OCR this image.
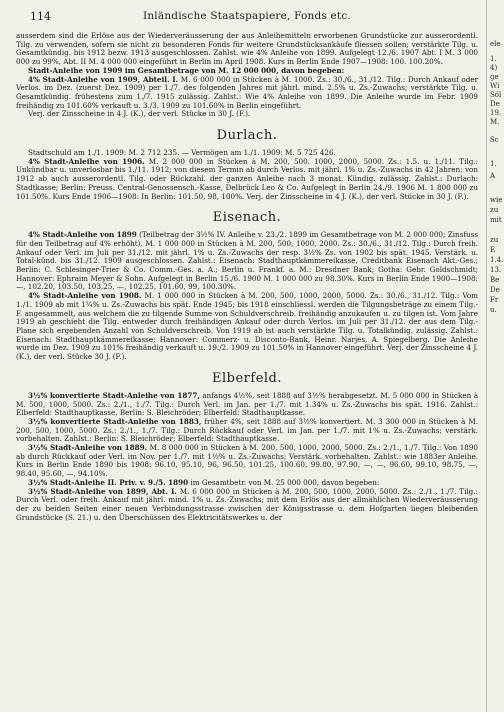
114	Inländische Staatspapiere, Fonds etc.

ausserdem sind die Erlöse aus der Wiederveräusserung der aus Anleihemitteln erworbenen Grundstücke zur ausserordentl. Tilg. zu verwenden, sofern sie nicht zu besonderen Fonds für weitere Grundstücksankäufe fliessen sollen; verstärkte Tilg. u. Gesamtkündig. bis 1912 bezw. 1913 ausgeschlossen. Zahlst. wie 4% Anleihe von 1899. Aufgelegt 12./6. 1907 Abt. I M. 3 000 000 zu 99%, Abt. II M. 4 000 000 eingeführt in Berlin im April 1908. Kurs in Berlin Ende 1907—1908: 100. 100.20%.

Stadt-Anleihe von 1909 im Gesamtbetrage von M. 12 000 000, davon begeben:

4% Stadt-Anleihe von 1909, Abteil. I. M. 6 000 000 in Stücken à M. 1000. Zs.: 30./6., 31./12. Tilg.: Durch Ankauf oder Verlos. im Dez. (zuerst Dez. 1909) per 1./7. des folgenden Jahres mit jährl. mind. 2.5% u. Zs.-Zuwachs; verstärkte Tilg. u. Gesamtkündig. frühestens zum 1./7. 1915 zulässig. Zahlst.: Wie 4% Anleihe von 1899. Die Anleihe wurde im Febr. 1909 freihändig zu 101.60% verkauft u. 3./3. 1909 zu 101.60% in Berlin eingeführt.

Verj. der Zinsscheine in 4 J. (K.), der verl. Stücke in 30 J. (F.).

Durlach.

Stadtschuld am 1./1. 1909: M. 2 712 235. — Vermögen am 1./1. 1909: M. 5 725 426.

4% Stadt-Anleihe von 1906. M. 2 000 000 in Stücken à M. 200, 500. 1000, 2000, 5000. Zs.: 1.5. u. 1./11. Tilg.: Unkündbar u. unverlosbar bis 1./11. 1912; von diesem Termin ab durch Verlos. mit jährl. 1% u. Zs.-Zuwachs in 42 Jahren; von 1912 ab auch ausserordentl. Tilg. oder Rückzahl. der ganzen Anleihe nach 3 monat. Kündig. zulässig. Zahlst.: Durlach: Stadtkasse; Berlin: Preuss. Central-Genossensch.-Kasse, Delbrück Leo & Co. Aufgelegt in Berlin 24./9. 1906 M. 1 800 000 zu 101.50%. Kurs Ende 1906—1908: In Berlin: 101.50, 98, 100%. Verj. der Zinsscheine in 4 J. (K.), der verl. Stücke in 30 J. (F.).

Eisenach.

4% Stadt-Anleihe von 1899 (Teilbetrag der 3½% IV. Anleihe v. 23./2. 1899 im Gesamtbetrage von M. 2 000 000; Zinsfuss für den Teilbetrag auf 4% erhöht). M. 1 000 000 in Stücken à M. 200, 500, 1000, 2000. Zs.: 30./6., 31./12. Tilg.: Durch freih. Ankauf oder Verl. im Juli per 31./12. mit jährl. 1% u. Zs.-Zuwachs der resp. 3½% Zs. von 1902 bis spät. 1945. Verstärk. u. Total-künd. bis 31./12. 1909 ausgeschlossen. Zahlst.: Eisenach: Stadthauptkämmereikasse, Creditbank Eisenach Akt.-Ges.; Berlin: C. Schlesinger-Trier & Co. Comm.-Ges. a. A.; Berlin u. Frankf. a. M.: Dresdner Bank; Gotha: Gebr. Goldschmidt; Hannover: Ephraim Meyer & Sohn. Aufgelegt in Berlin 15./6. 1900 M. 1 000 000 zu 98.30%. Kurs in Berlin Ende 1900—1908: —, 102.20, 103.50, 103.25, —, 102.25, 101.60, 99, 100.30%.

4% Stadt-Anleihe von 1908. M. 1 000 000 in Stücken à M. 200, 500, 1000, 2000, 5000. Zs.: 30./6., 31./12. Tilg.: Vom 1./1. 1909 ab mit 1¼% u. Zs.-Zuwachs bis spät. Ende 1945; bis 1918 einschliessl. werden die Tilgungsbeträge zu einem Tilg.-F. angesammelt, aus welchem die zu tilgende Summe von Schuldverschreib. freihändig anzukaufen u. zu tilgen ist. Vom Jahre 1919 ab geschieht die Tilg. entweder durch freihändigen Ankauf oder durch Verlos. im Juli per 31./12. der aus dem Tilg.-Plane sich ergebenden Anzahl von Schuldverschreib. Von 1919 ab ist auch verstärkte Tilg. u. Totalkündig. zulässig. Zahlst.: Eisenach: Stadthauptkämmereikasse; Hannover: Commerz- u. Disconto-Bank, Heinr. Narjes, A. Spiegelberg. Die Anleihe wurde im Dez. 1909 zu 101% freihändig verkauft u. 19./2. 1909 zu 101.50% in Hannover eingeführt. Verj. der Zinsscheine 4 J. (K.), der verl. Stücke 30 J. (F.).

Elberfeld.

3½% konvertierte Stadt-Anleihe von 1877, anfangs 4½%, seit 1888 auf 3½% herabgesetzt. M. 5 000 000 in Stücken à M. 500, 1000, 5000. Zs.: 2./1., 1./7. Tilg.: Durch Verl. im Jan. per 1./7. mit 1.34% u. Zs.-Zuwachs bis spät. 1916. Zahlst.: Elberfeld: Stadthauptkasse, Berlin: S. Bleichröder; Elberfeld: Stadthauptkasse.

3½% konvertierte Stadt-Anleihe von 1883, früher 4%, seit 1888 auf 3½% konvertiert. M. 3 300 000 in Stücken à M. 200, 500, 1000, 5000. Zs.: 2./1., 1./7. Tilg.: Durch Rückkauf oder Verl. im Jan. per 1./7. mit 1% u. Zs.-Zuwachs; verstärk. vorbehalten. Zahlst.: Berlin: S. Bleichröder; Elberfeld: Stadthauptkasse.

3½% Stadt-Anleihe von 1889. M. 8 000 000 in Stücken à M. 200, 500, 1000, 2000, 5000. Zs.: 2./1., 1./7. Tilg.: Von 1890 ab durch Rückkauf oder Verl. im Nov. per 1./7. mit 1½% u. Zs.-Zuwachs; Verstärk. vorbehalten. Zahlst.: wie 1883er Anleihe. Kurs in Berlin Ende 1890 bis 1908: 96.10, 95.10, 96, 96.50, 101.25, 100.60, 99.80, 97.90, —, —, 96.60, 99.10, 98.75, —, 98.40, 95.60, —, 94.10%.

3½% Stadt-Anleihe II. Priv. v. 9./5. 1890 im Gesamtbetr. von M. 25 000 000, davon begeben:

3½% Stadt-Anleihe von 1899, Abt. I. M. 6 000 000 in Stücken à M. 200, 500, 1000, 2000, 5000. Zs.: 2./1., 1./7. Tilg.: Durch Verl. oder freih. Ankauf mit jährl. mind. 1% u. Zs.-Zuwachs; mit dem Erlös aus der allmählichen Wiederveräusserung der zu beiden Seiten einer neuen Verbindungsstrasse zwischen der Königsstrasse u. dem Hofgarten liegen bleibenden Grundstücke (S. 21.) u. den Überschüssen des Elektricitätswerkes u. der

ele
1.
4)
ge
Wi
Söl
De
19.
M.
Sc
1.
A
wie
zu
mit
zu
E
1.4.
13.
Be
De
Fr
u.
